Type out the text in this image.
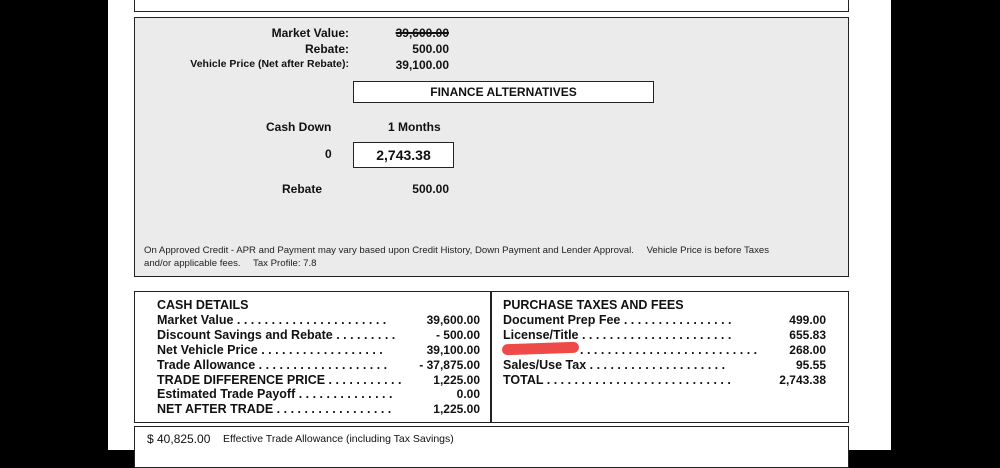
Market Value:	39,600.00
Rebate:	500.00
Vehicle Price (Net after Rebate):	39,100.00
FINANCE ALTERNATIVES
Cash Down	1 Months
0	2,743.38
Rebate	500.00
On Approved Credit - APR and Payment may vary based upon Credit History, Down Payment and Lender Approval. Vehicle Price is before Taxes
and/or applicable fees. Tax Profile: 7.8
CASH DETAILS
Market Value . . . . . . . . . . . . . . . . . . . . . .	39,600.00
Discount Savings and Rebate . . . . . . . . .	- 500.00
Net Vehicle Price . . . . . . . . . . . . . . . . . .	39,100.00
Trade Allowance . . . . . . . . . . . . . . . . . . .	- 37,875.00
TRADE DIFFERENCE PRICE . . . . . . . . . . .	1,225.00
Estimated Trade Payoff . . . . . . . . . . . . . .	0.00
NET AFTER TRADE . . . . . . . . . . . . . . . . .	1,225.00
PURCHASE TAXES AND FEES
Document Prep Fee . . . . . . . . . . . . . . . .	499.00
License/Title . . . . . . . . . . . . . . . . . . . . . .	655.83
. . . . . . . . . . . . . . . . . . . . . . . . . .	268.00
Sales/Use Tax . . . . . . . . . . . . . . . . . . . .	95.55
TOTAL . . . . . . . . . . . . . . . . . . . . . . . . . . .	2,743.38
$ 40,825.00 Effective Trade Allowance (including Tax Savings)
